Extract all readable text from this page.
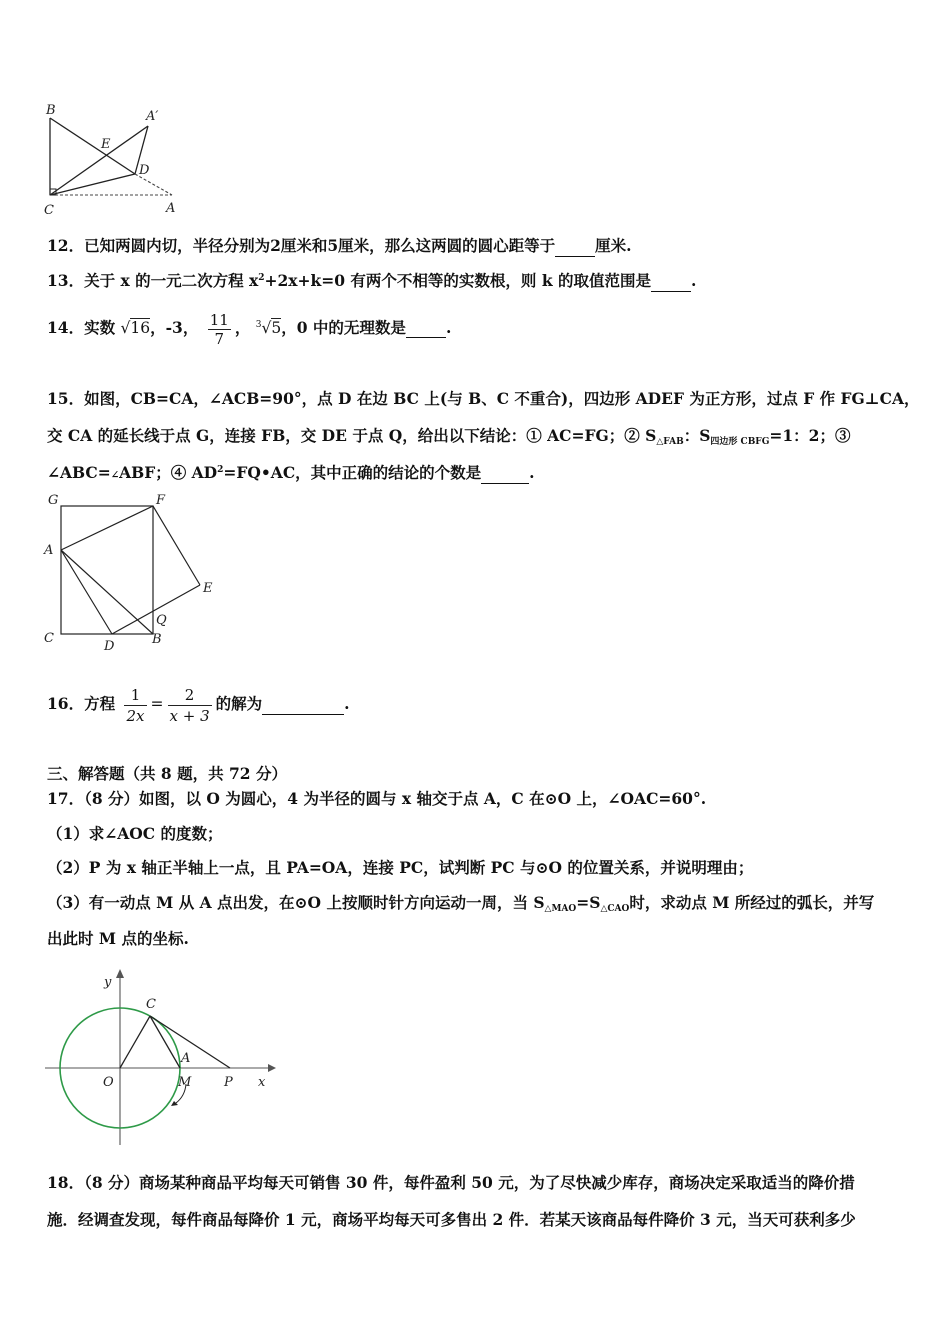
B	A′
E
D
C	A
12．已知两圆内切，半径分别为2厘米和5厘米，那么这两圆的圆心距等于	厘米.
13．关于 x 的一元二次方程 $x^2+2x+k=0$ 有两个不相等的实数根，则 k 的取值范围是	.
14．实数 √16，-3， $\frac{11}{7}$ ， $^3$√5，0 中的无理数是	.
15．如图，CB=CA，∠ACB=90°，点 D 在边 BC 上(与 B、C 不重合)，四边形 ADEF 为正方形，过点 F 作 FG⊥CA，
交 CA 的延长线于点 G，连接 FB，交 DE 于点 Q，给出以下结论：① AC=FG；② S△FAB：S四边形 CBFG=1：2；③
∠ABC=∠ABF；④ $AD^2=FQ•AC$，其中正确的结论的个数是	.
G	F
A
E
Q
C
D	B
16．方程 $\frac{1}{2x} = \frac{2}{x + 3}$ 的解为	.
三、解答题（共 8 题，共 72 分）
17．（8 分）如图，以 O 为圆心，4 为半径的圆与 x 轴交于点 A，C 在⊙O 上，∠OAC=60°.
（1）求∠AOC 的度数；
（2）P 为 x 轴正半轴上一点，且 PA=OA，连接 PC，试判断 PC 与⊙O 的位置关系，并说明理由；
（3）有一动点 M 从 A 点出发，在⊙O 上按顺时针方向运动一周，当 S△MAO=S△CAO时，求动点 M 所经过的弧长，并写
出此时 M 点的坐标.
y
C
A
O	M	P x
18．（8 分）商场某种商品平均每天可销售 30 件，每件盈利 50 元，为了尽快减少库存，商场决定采取适当的降价措
施．经调查发现，每件商品每降价 1 元，商场平均每天可多售出 2 件．若某天该商品每件降价 3 元，当天可获利多少
